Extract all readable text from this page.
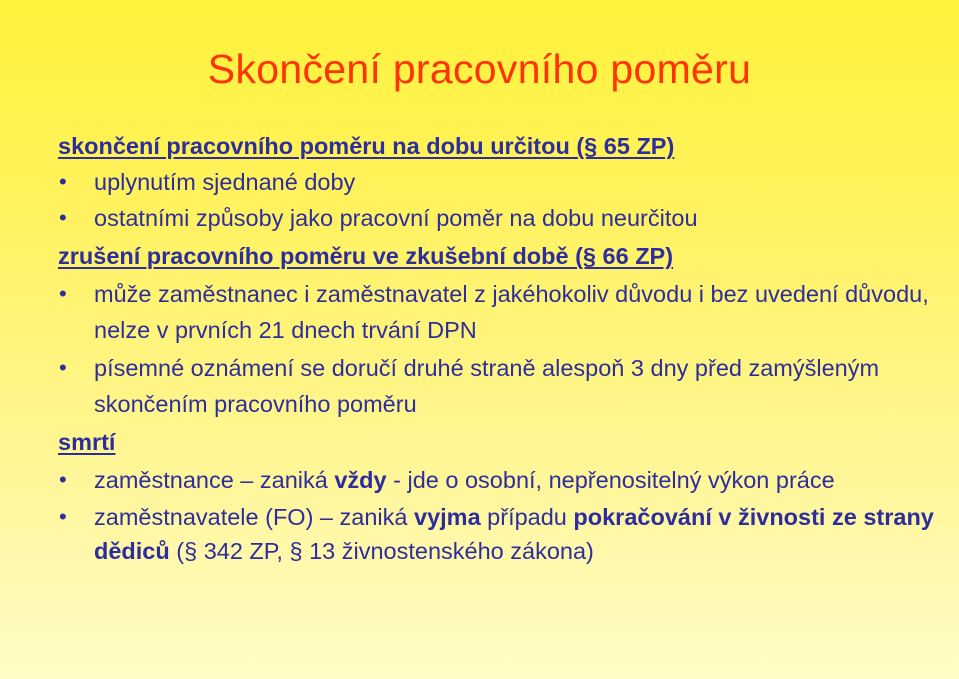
Skončení pracovního poměru
skončení pracovního poměru na dobu určitou (§ 65 ZP)
• uplynutím sjednané doby
• ostatními způsoby jako pracovní poměr na dobu neurčitou
zrušení pracovního poměru ve zkušební době (§ 66 ZP)
• může zaměstnanec i zaměstnavatel z jakéhokoliv důvodu i bez uvedení důvodu, nelze v prvních 21 dnech trvání DPN
• písemné oznámení se doručí druhé straně alespoň 3 dny před zamýšleným skončením pracovního poměru
smrtí
• zaměstnance – zaniká vždy - jde o osobní, nepřenositelný výkon práce
• zaměstnavatele (FO) – zaniká vyjma případu pokračování v živnosti ze strany dědiců (§ 342 ZP, § 13 živnostenského zákona)
